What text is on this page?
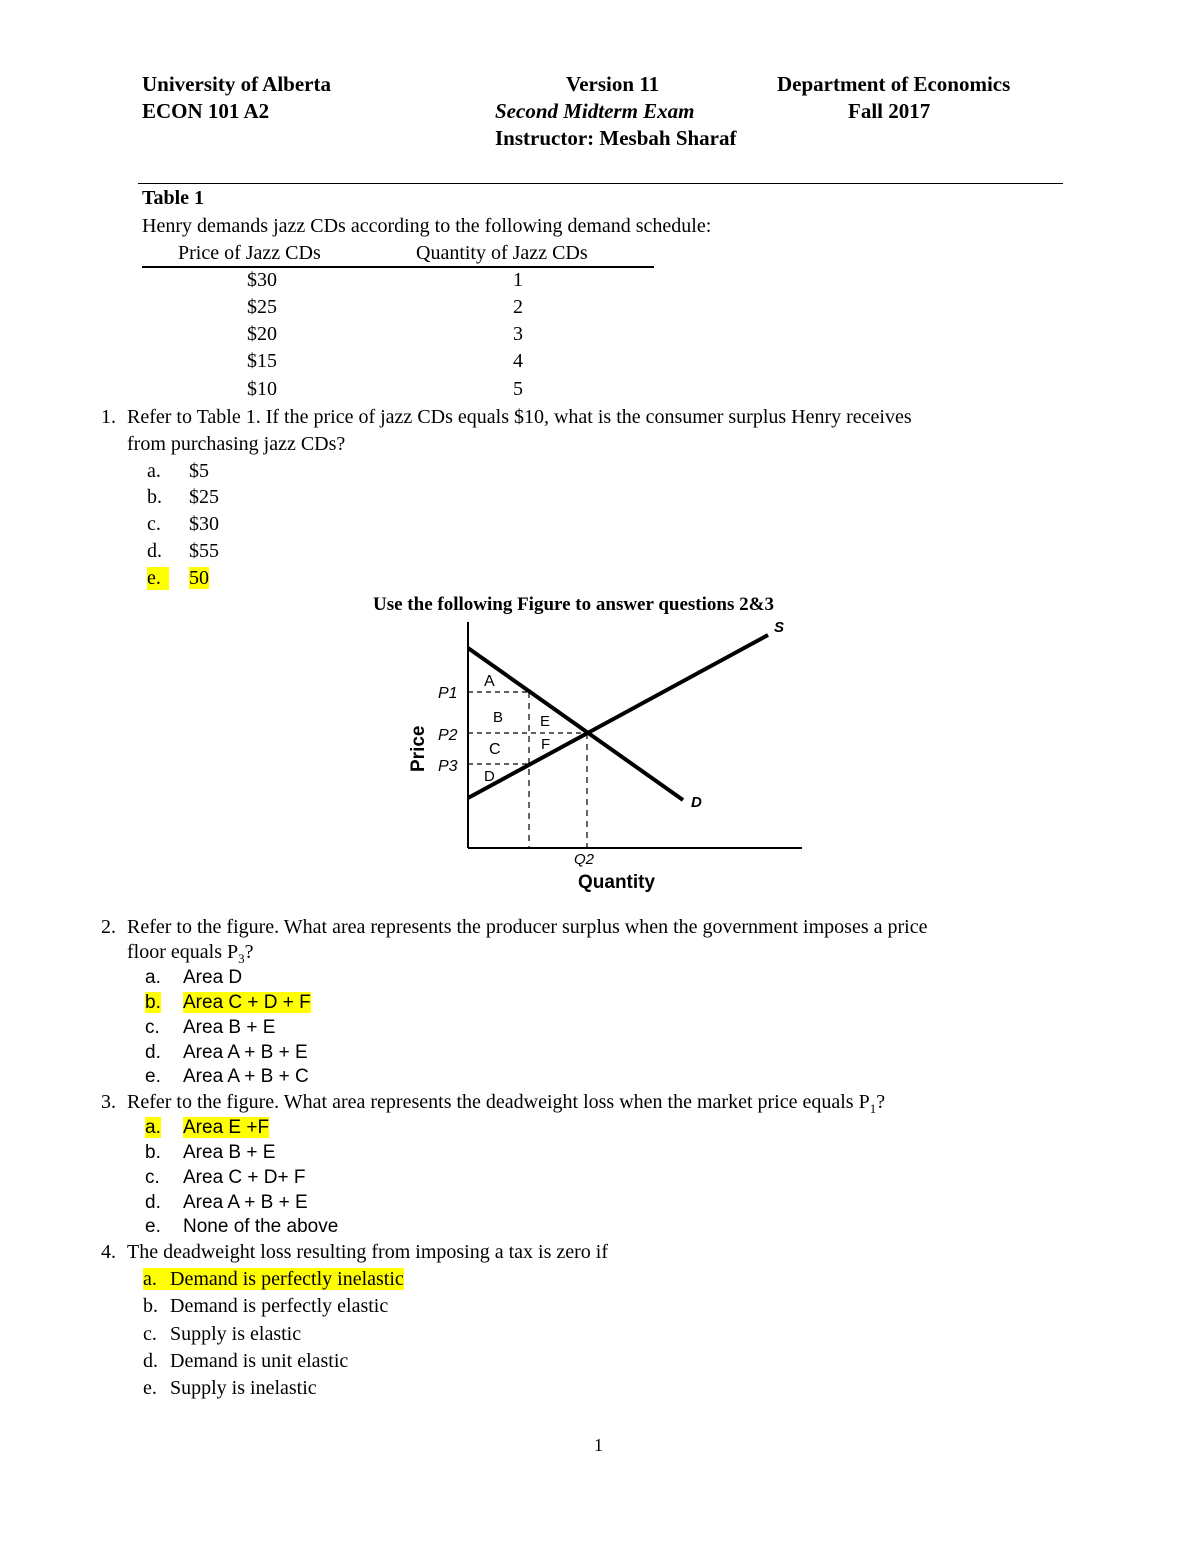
University of Alberta	Version 11	Department of Economics
ECON 101 A2	Second Midterm Exam	Fall 2017
Instructor: Mesbah Sharaf
Table 1
Henry demands jazz CDs according to the following demand schedule:
Price of Jazz CDs	Quantity of Jazz CDs
$30	1
$25	2
$20	3
$15	4
$10	5
1. Refer to Table 1. If the price of jazz CDs equals $10, what is the consumer surplus Henry receives
from purchasing jazz CDs?
a. $5
b. $25
c. $30
d. $55
e. 50
Use the following Figure to answer questions 2&3
P1
P2
P3
A
B
C
D
E
F
S
D
Q2
Quantity
Price
2. Refer to the figure. What area represents the producer surplus when the government imposes a price
floor equals $P_3$?
a. Area D
b. Area C + D + F
c. Area B + E
d. Area A + B + E
e. Area A + B + C
3. Refer to the figure. What area represents the deadweight loss when the market price equals $P_1$?
a. Area E +F
b. Area B + E
c. Area C + D+ F
d. Area A + B + E
e. None of the above
4. The deadweight loss resulting from imposing a tax is zero if
a. Demand is perfectly inelastic
b. Demand is perfectly elastic
c. Supply is elastic
d. Demand is unit elastic
e. Supply is inelastic
1
